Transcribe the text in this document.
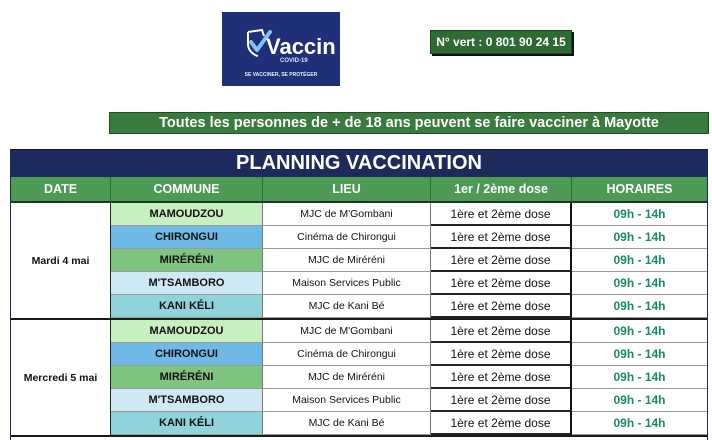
Vaccin
COVID-19
SE VACCINER, SE PROTÉGER
N° vert : 0 801 90 24 15
Toutes les personnes de + de 18 ans peuvent se faire vacciner à Mayotte
PLANNING VACCINATION
DATE	COMMUNE	LIEU	1er / 2ème dose	HORAIRES
Mardi 4 mai
MAMOUDZOU	MJC de M'Gombani	1ère et 2ème dose	09h - 14h
CHIRONGUI	Cinéma de Chirongui	1ère et 2ème dose	09h - 14h
MIRÉRÉNI	MJC de Miréréni	1ère et 2ème dose	09h - 14h
M'TSAMBORO	Maison Services Public	1ère et 2ème dose	09h - 14h
KANI KÉLI	MJC de Kani Bé	1ère et 2ème dose	09h - 14h
Mercredi 5 mai
MAMOUDZOU	MJC de M'Gombani	1ère et 2ème dose	09h - 14h
CHIRONGUI	Cinéma de Chirongui	1ère et 2ème dose	09h - 14h
MIRÉRÉNI	MJC de Miréréni	1ère et 2ème dose	09h - 14h
M'TSAMBORO	Maison Services Public	1ère et 2ème dose	09h - 14h
KANI KÉLI	MJC de Kani Bé	1ère et 2ème dose	09h - 14h
